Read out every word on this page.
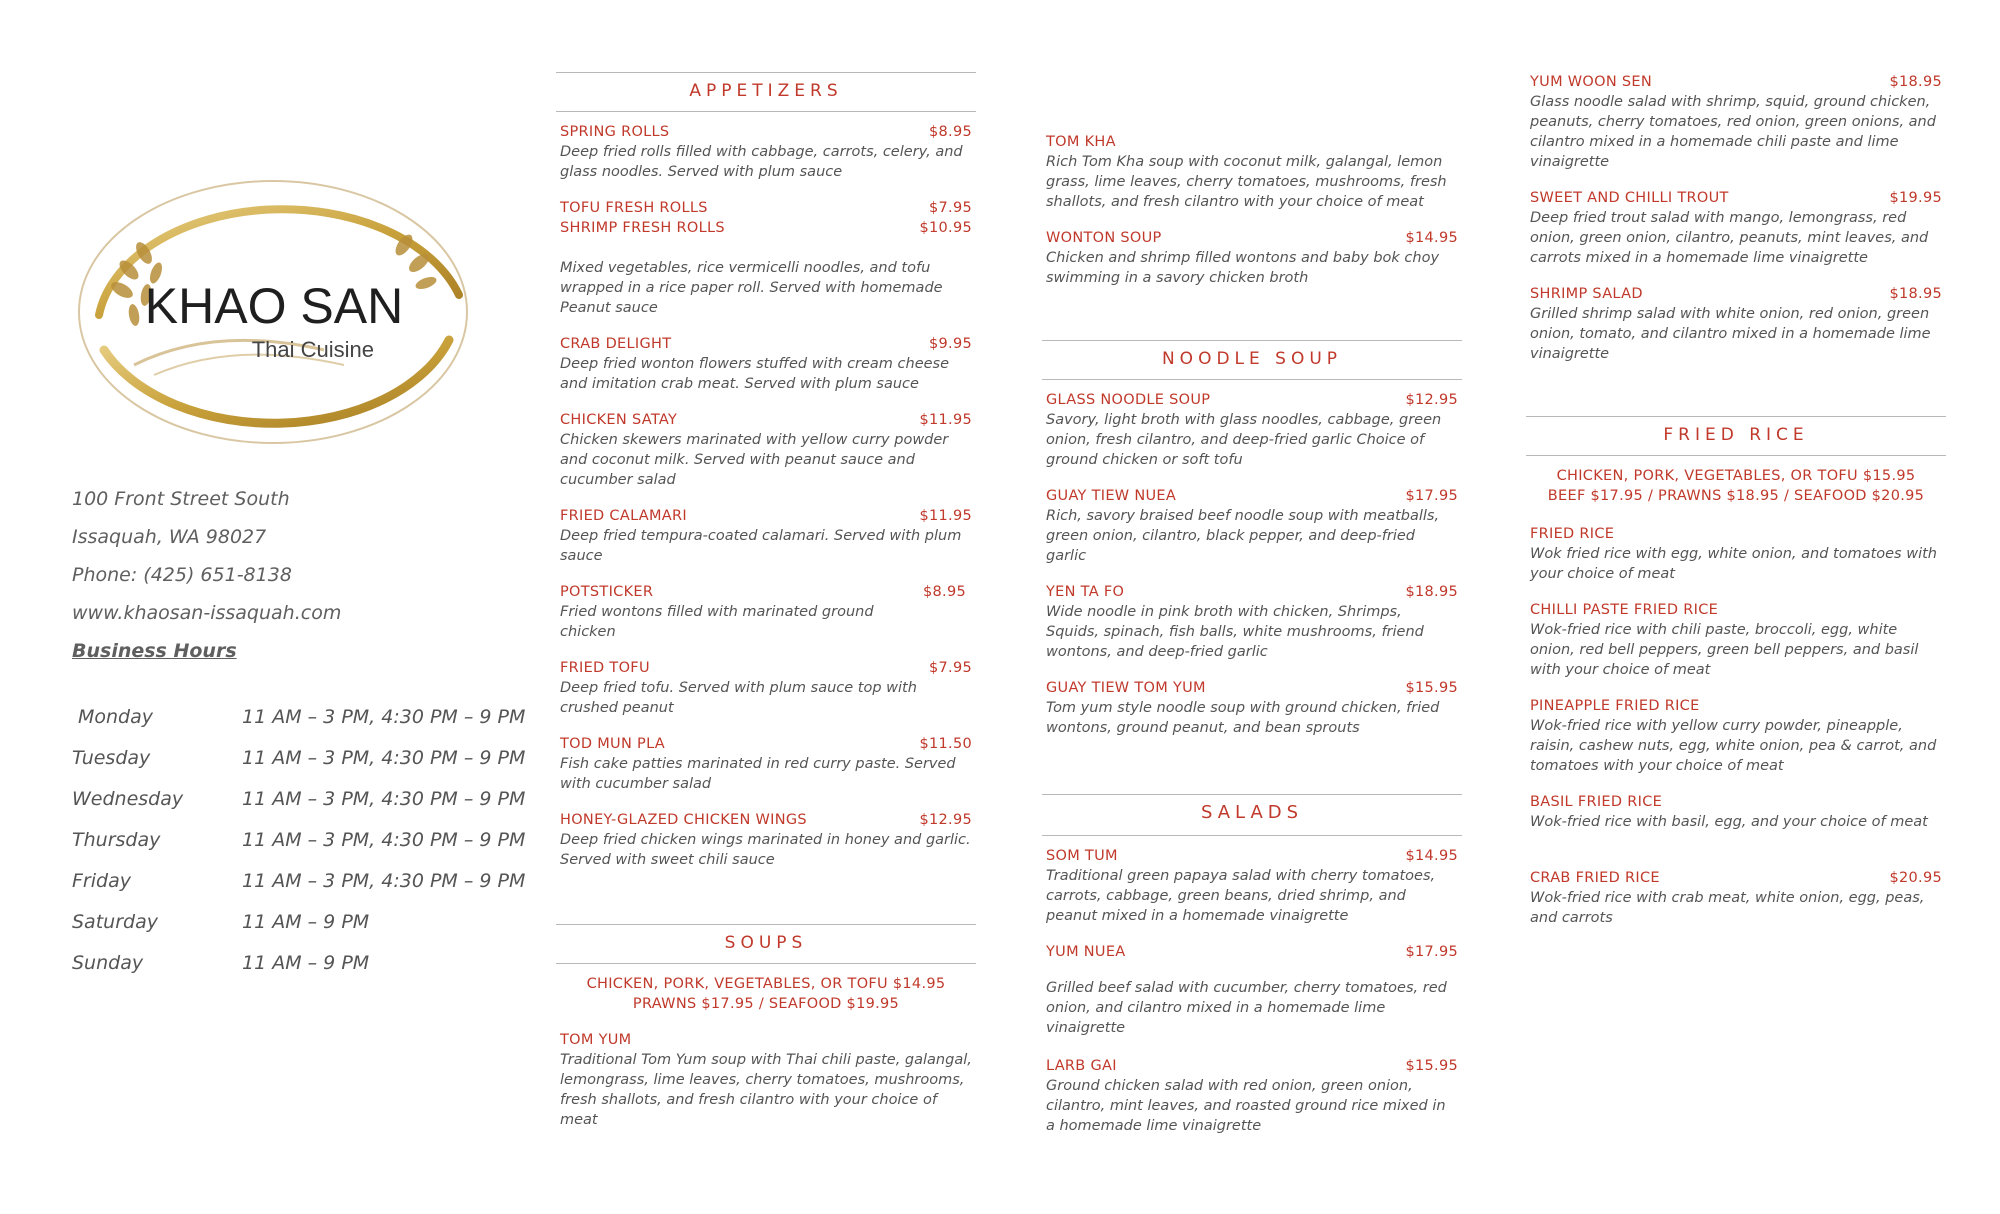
KHAO SAN
Thai Cuisine
100 Front Street South
Issaquah, WA 98027
Phone: (425) 651-8138
www.khaosan-issaquah.com
Business Hours
Monday	11 AM – 3 PM, 4:30 PM – 9 PM
Tuesday	11 AM – 3 PM, 4:30 PM – 9 PM
Wednesday	11 AM – 3 PM, 4:30 PM – 9 PM
Thursday	11 AM – 3 PM, 4:30 PM – 9 PM
Friday	11 AM – 3 PM, 4:30 PM – 9 PM
Saturday	11 AM – 9 PM
Sunday	11 AM – 9 PM
APPETIZERS
SPRING ROLLS	$8.95
Deep fried rolls filled with cabbage, carrots, celery, and glass noodles. Served with plum sauce
TOFU FRESH ROLLS	$7.95
SHRIMP FRESH ROLLS	$10.95
Mixed vegetables, rice vermicelli noodles, and tofu wrapped in a rice paper roll. Served with homemade Peanut sauce
CRAB DELIGHT	$9.95
Deep fried wonton flowers stuffed with cream cheese and imitation crab meat. Served with plum sauce
CHICKEN SATAY	$11.95
Chicken skewers marinated with yellow curry powder and coconut milk. Served with peanut sauce and cucumber salad
FRIED CALAMARI	$11.95
Deep fried tempura-coated calamari. Served with plum sauce
POTSTICKER	$8.95
Fried wontons filled with marinated ground chicken
FRIED TOFU	$7.95
Deep fried tofu. Served with plum sauce top with crushed peanut
TOD MUN PLA	$11.50
Fish cake patties marinated in red curry paste. Served with cucumber salad
HONEY-GLAZED CHICKEN WINGS	$12.95
Deep fried chicken wings marinated in honey and garlic. Served with sweet chili sauce
SOUPS
CHICKEN, PORK, VEGETABLES, OR TOFU $14.95
PRAWNS $17.95 / SEAFOOD $19.95
TOM YUM
Traditional Tom Yum soup with Thai chili paste, galangal, lemongrass, lime leaves, cherry tomatoes, mushrooms, fresh shallots, and fresh cilantro with your choice of meat
TOM KHA
Rich Tom Kha soup with coconut milk, galangal, lemon grass, lime leaves, cherry tomatoes, mushrooms, fresh shallots, and fresh cilantro with your choice of meat
WONTON SOUP	$14.95
Chicken and shrimp filled wontons and baby bok choy swimming in a savory chicken broth
NOODLE SOUP
GLASS NOODLE SOUP	$12.95
Savory, light broth with glass noodles, cabbage, green onion, fresh cilantro, and deep-fried garlic Choice of ground chicken or soft tofu
GUAY TIEW NUEA	$17.95
Rich, savory braised beef noodle soup with meatballs, green onion, cilantro, black pepper, and deep-fried garlic
YEN TA FO	$18.95
Wide noodle in pink broth with chicken, Shrimps, Squids, spinach, fish balls, white mushrooms, friend wontons, and deep-fried garlic
GUAY TIEW TOM YUM	$15.95
Tom yum style noodle soup with ground chicken, fried wontons, ground peanut, and bean sprouts
SALADS
SOM TUM	$14.95
Traditional green papaya salad with cherry tomatoes, carrots, cabbage, green beans, dried shrimp, and peanut mixed in a homemade vinaigrette
YUM NUEA	$17.95
Grilled beef salad with cucumber, cherry tomatoes, red onion, and cilantro mixed in a homemade lime vinaigrette
LARB GAI	$15.95
Ground chicken salad with red onion, green onion, cilantro, mint leaves, and roasted ground rice mixed in a homemade lime vinaigrette
YUM WOON SEN	$18.95
Glass noodle salad with shrimp, squid, ground chicken, peanuts, cherry tomatoes, red onion, green onions, and cilantro mixed in a homemade chili paste and lime vinaigrette
SWEET AND CHILLI TROUT	$19.95
Deep fried trout salad with mango, lemongrass, red onion, green onion, cilantro, peanuts, mint leaves, and carrots mixed in a homemade lime vinaigrette
SHRIMP SALAD	$18.95
Grilled shrimp salad with white onion, red onion, green onion, tomato, and cilantro mixed in a homemade lime vinaigrette
FRIED RICE
CHICKEN, PORK, VEGETABLES, OR TOFU $15.95
BEEF $17.95 / PRAWNS $18.95 / SEAFOOD $20.95
FRIED RICE
Wok fried rice with egg, white onion, and tomatoes with your choice of meat
CHILLI PASTE FRIED RICE
Wok-fried rice with chili paste, broccoli, egg, white onion, red bell peppers, green bell peppers, and basil with your choice of meat
PINEAPPLE FRIED RICE
Wok-fried rice with yellow curry powder, pineapple, raisin, cashew nuts, egg, white onion, pea & carrot, and tomatoes with your choice of meat
BASIL FRIED RICE
Wok-fried rice with basil, egg, and your choice of meat
CRAB FRIED RICE	$20.95
Wok-fried rice with crab meat, white onion, egg, peas, and carrots
